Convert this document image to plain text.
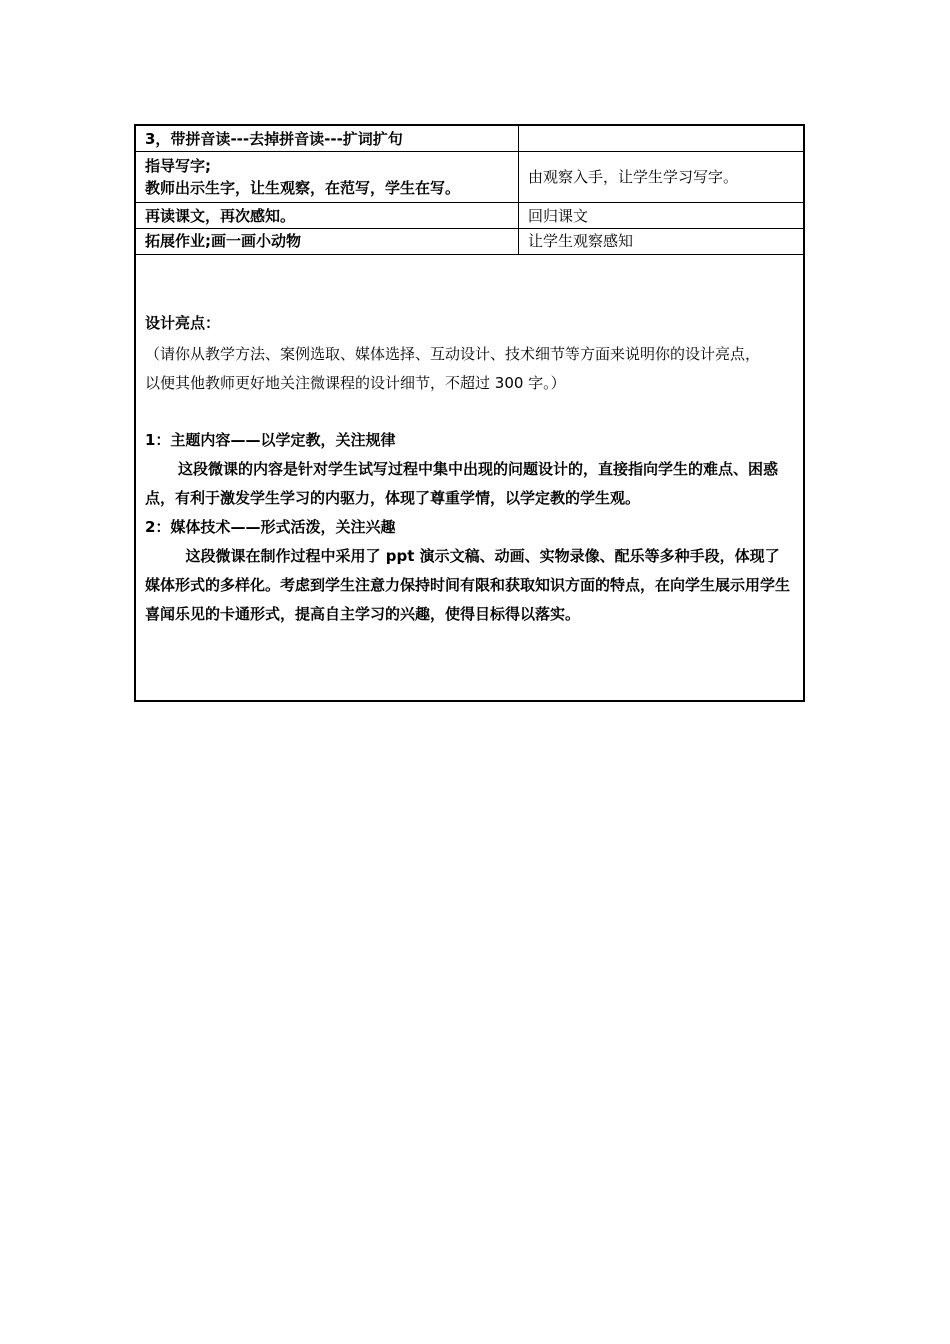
3，带拼音读---去掉拼音读---扩词扩句
指导写字;
教师出示生字，让生观察，在范写，学生在写。
由观察入手，让学生学习写字。
再读课文，再次感知。	回归课文
拓展作业;画一画小动物	让学生观察感知
设计亮点：
（请你从教学方法、案例选取、媒体选择、互动设计、技术细节等方面来说明你的设计亮点，
以便其他教师更好地关注微课程的设计细节，不超过 300 字。）
1：主题内容——以学定教，关注规律
这段微课的内容是针对学生试写过程中集中出现的问题设计的，直接指向学生的难点、困惑点，有利于激发学生学习的内驱力，体现了尊重学情，以学定教的学生观。
2：媒体技术——形式活泼，关注兴趣
这段微课在制作过程中采用了 ppt 演示文稿、动画、实物录像、配乐等多种手段，体现了媒体形式的多样化。考虑到学生注意力保持时间有限和获取知识方面的特点，在向学生展示用学生喜闻乐见的卡通形式，提高自主学习的兴趣，使得目标得以落实。
